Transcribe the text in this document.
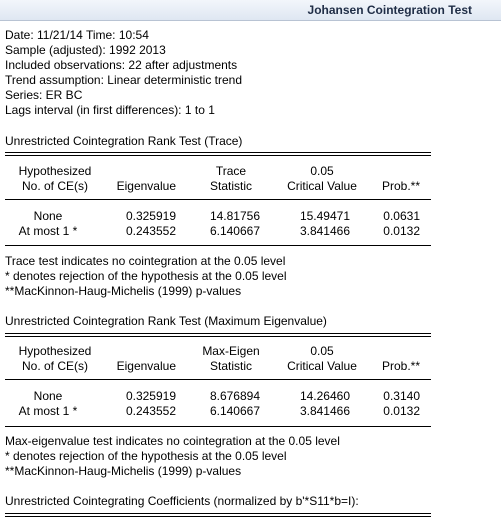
Johansen Cointegration Test
Date: 11/21/14 Time: 10:54
Sample (adjusted): 1992 2013
Included observations: 22 after adjustments
Trend assumption: Linear deterministic trend
Series: ER BC
Lags interval (in first differences): 1 to 1
Unrestricted Cointegration Rank Test (Trace)
Hypothesized
No. of CE(s)	Eigenvalue
Trace
Statistic
0.05
Critical Value	Prob.**
None	0.325919	14.81756	15.49471	0.0631
At most 1 *	0.243552	6.140667	3.841466	0.0132
Trace test indicates no cointegration at the 0.05 level
* denotes rejection of the hypothesis at the 0.05 level
**MacKinnon-Haug-Michelis (1999) p-values
Unrestricted Cointegration Rank Test (Maximum Eigenvalue)
Hypothesized
No. of CE(s)	Eigenvalue
Max-Eigen
Statistic
0.05
Critical Value	Prob.**
None	0.325919	8.676894	14.26460	0.3140
At most 1 *	0.243552	6.140667	3.841466	0.0132
Max-eigenvalue test indicates no cointegration at the 0.05 level
* denotes rejection of the hypothesis at the 0.05 level
**MacKinnon-Haug-Michelis (1999) p-values
Unrestricted Cointegrating Coefficients (normalized by b'*S11*b=I):
